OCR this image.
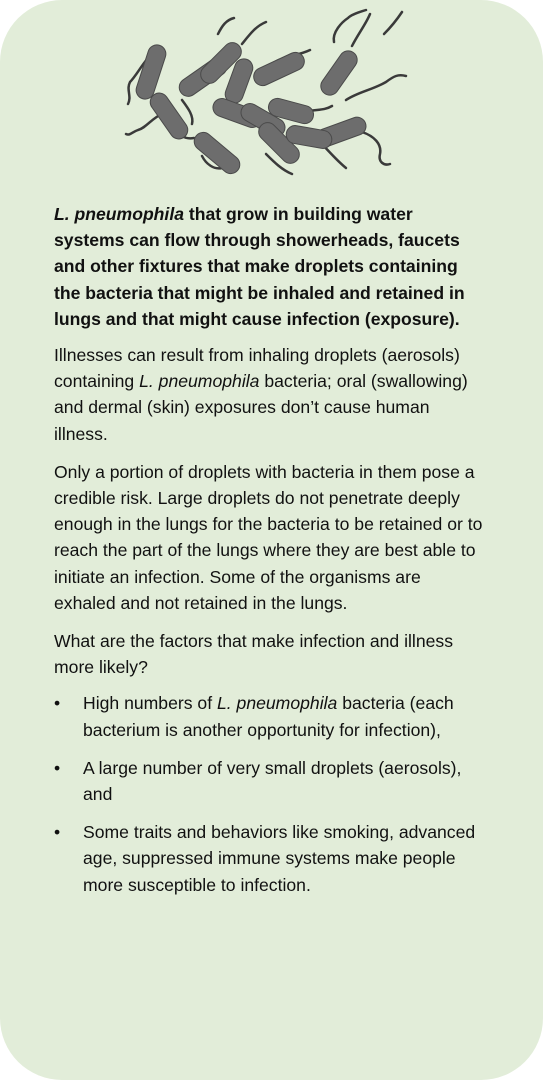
L. pneumophila that grow in building water systems can flow through showerheads, faucets and other fixtures that make droplets containing the bacteria that might be inhaled and retained in lungs and that might cause infection (exposure).

Illnesses can result from inhaling droplets (aerosols) containing L. pneumophila bacteria; oral (swallowing) and dermal (skin) exposures don’t cause human illness.

Only a portion of droplets with bacteria in them pose a credible risk. Large droplets do not penetrate deeply enough in the lungs for the bacteria to be retained or to reach the part of the lungs where they are best able to initiate an infection. Some of the organisms are exhaled and not retained in the lungs.

What are the factors that make infection and illness more likely?

• High numbers of L. pneumophila bacteria (each bacterium is another opportunity for infection),
• A large number of very small droplets (aerosols), and
• Some traits and behaviors like smoking, advanced age, suppressed immune systems make people more susceptible to infection.
